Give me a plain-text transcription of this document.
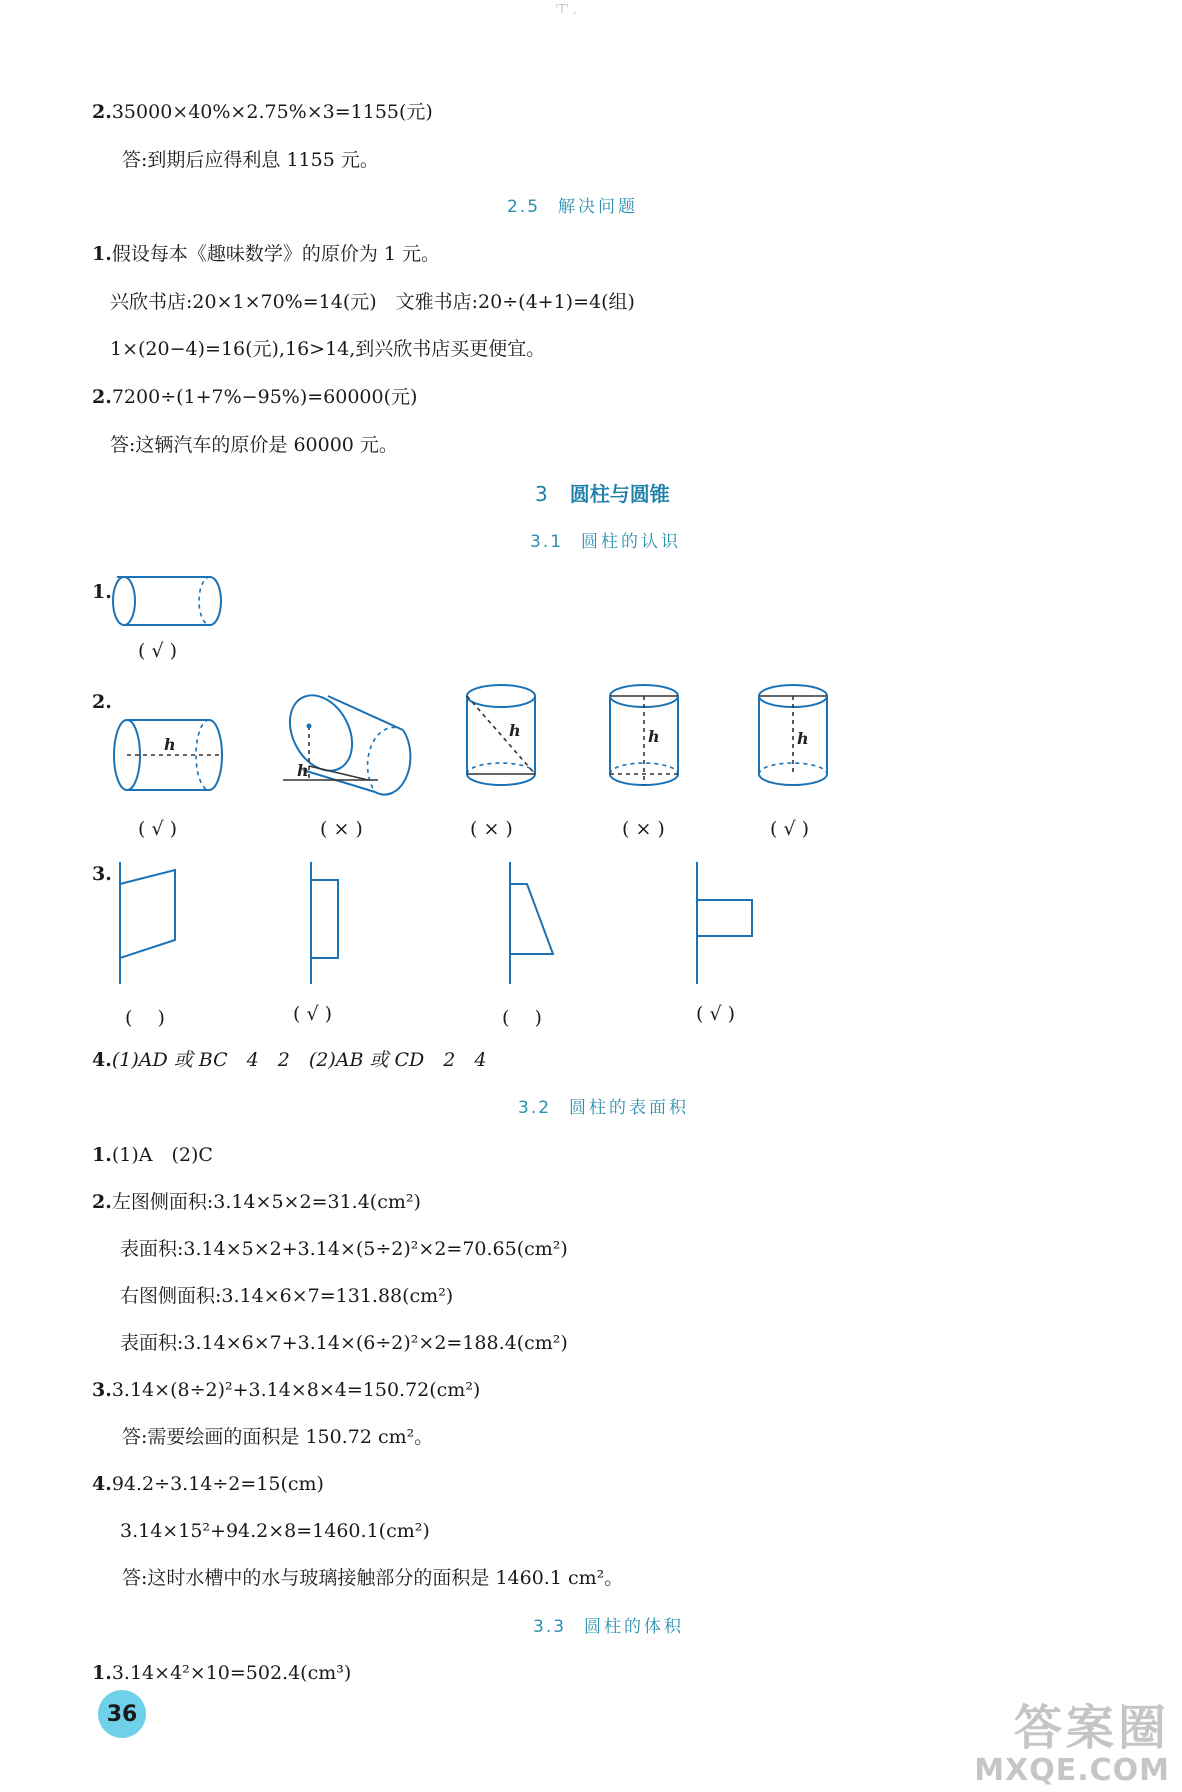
'T' ,
2.35000×40%×2.75%×3=1155(元)
答:到期后应得利息 1155 元。
2.5 解决问题
1.假设每本《趣味数学》的原价为 1 元。
兴欣书店:20×1×70%=14(元)　文雅书店:20÷(4+1)=4(组)
1×(20−4)=16(元),16>14,到兴欣书店买更便宜。
2.7200÷(1+7%−95%)=60000(元)
答:这辆汽车的原价是 60000 元。
3 圆柱与圆锥
3.1 圆柱的认识
1.
( √ )
2.
h
( √ )
h
( × )
h
( × )
h
( × )
h
( √ )
3.
(　 )	( √ )	(　 )	( √ )
4.(1)AD 或 BC　4　2　(2)AB 或 CD　2　4
3.2 圆柱的表面积
1.(1)A　(2)C
2.左图侧面积:3.14×5×2=31.4(cm²)
表面积:3.14×5×2+3.14×(5÷2)²×2=70.65(cm²)
右图侧面积:3.14×6×7=131.88(cm²)
表面积:3.14×6×7+3.14×(6÷2)²×2=188.4(cm²)
3.3.14×(8÷2)²+3.14×8×4=150.72(cm²)
答:需要绘画的面积是 150.72 cm²。
4.94.2÷3.14÷2=15(cm)
3.14×15²+94.2×8=1460.1(cm²)
答:这时水槽中的水与玻璃接触部分的面积是 1460.1 cm²。
3.3 圆柱的体积
1.3.14×4²×10=502.4(cm³)
36	答案圈
MXQE.COM
